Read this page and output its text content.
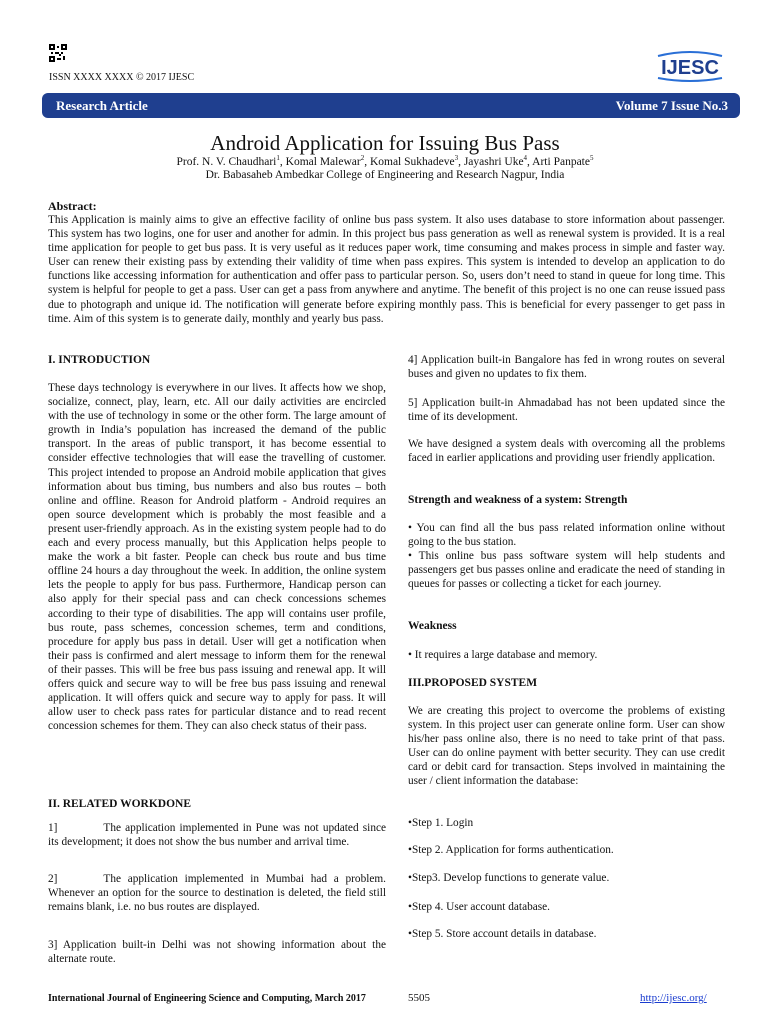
ISSN XXXX XXXX © 2017 IJESC	IJESC
Research Article	Volume 7 Issue No.3
Android Application for Issuing Bus Pass
Prof. N. V. Chaudhari$^1$, Komal Malewar$^2$, Komal Sukhadeve$^3$, Jayashri Uke$^4$, Arti Panpate$^5$
Dr. Babasaheb Ambedkar College of Engineering and Research Nagpur, India
Abstract:
This Application is mainly aims to give an effective facility of online bus pass system. It also uses database to store information about passenger. This system has two logins, one for user and another for admin. In this project bus pass generation as well as renewal system is provided. It is a real time application for people to get bus pass. It is very useful as it reduces paper work, time consuming and makes process in simple and faster way. User can renew their existing pass by extending their validity of time when pass expires. This system is intended to develop an application to do functions like accessing information for authentication and offer pass to particular person. So, users don’t need to stand in queue for long time. This system is helpful for people to get a pass. User can get a pass from anywhere and anytime. The benefit of this project is no one can reuse issued pass due to photograph and unique id. The notification will generate before expiring monthly pass. This is beneficial for every passenger to get pass in time. Aim of this system is to generate daily, monthly and yearly bus pass.
I. INTRODUCTION
These days technology is everywhere in our lives. It affects how we shop, socialize, connect, play, learn, etc. All our daily activities are encircled with the use of technology in some or the other form. The large amount of growth in India’s population has increased the demand of the public transport. In the areas of public transport, it has become essential to consider effective technologies that will ease the travelling of customer. This project intended to propose an Android mobile application that gives information about bus timing, bus numbers and also bus routes – both online and offline. Reason for Android platform - Android requires an open source development which is probably the most feasible and a present user-friendly approach. As in the existing system people had to do each and every process manually, but this Application helps people to make the work a bit faster. People can check bus route and bus time offline 24 hours a day throughout the week. In addition, the online system lets the people to apply for bus pass. Furthermore, Handicap person can also apply for their special pass and can check concessions schemes according to their type of disabilities. The app will contains user profile, bus route, pass schemes, concession schemes, term and conditions, procedure for apply bus pass in detail. User will get a notification when their pass is confirmed and alert message to inform them for the renewal of their passes. This will be free bus pass issuing and renewal app. It will offers quick and secure way to will be free bus pass issuing and renewal application. It will offers quick and secure way to apply for pass. It will allow user to check pass rates for particular distance and to read recent concession schemes for them. They can also check status of their pass.
II. RELATED WORKDONE
1]	The application implemented in Pune was not updated since its development; it does not show the bus number and arrival time.
2]	The application implemented in Mumbai had a problem. Whenever an option for the source to destination is deleted, the field still remains blank, i.e. no bus routes are displayed.
3] Application built-in Delhi was not showing information about the alternate route.
4] Application built-in Bangalore has fed in wrong routes on several buses and given no updates to fix them.
5] Application built-in Ahmadabad has not been updated since the time of its development.
We have designed a system deals with overcoming all the problems faced in earlier applications and providing user friendly application.
Strength and weakness of a system: Strength
• You can find all the bus pass related information online without going to the bus station.
• This online bus pass software system will help students and passengers get bus passes online and eradicate the need of standing in queues for passes or collecting a ticket for each journey.
Weakness
• It requires a large database and memory.
III.PROPOSED SYSTEM
We are creating this project to overcome the problems of existing system. In this project user can generate online form. User can show his/her pass online also, there is no need to take print of that pass. User can do online payment with better security. They can use credit card or debit card for transaction. Steps involved in maintaining the user / client information the database:
•Step 1. Login
•Step 2. Application for forms authentication.
•Step3. Develop functions to generate value.
•Step 4. User account database.
•Step 5. Store account details in database.
International Journal of Engineering Science and Computing, March 2017	5505	http://ijesc.org/
